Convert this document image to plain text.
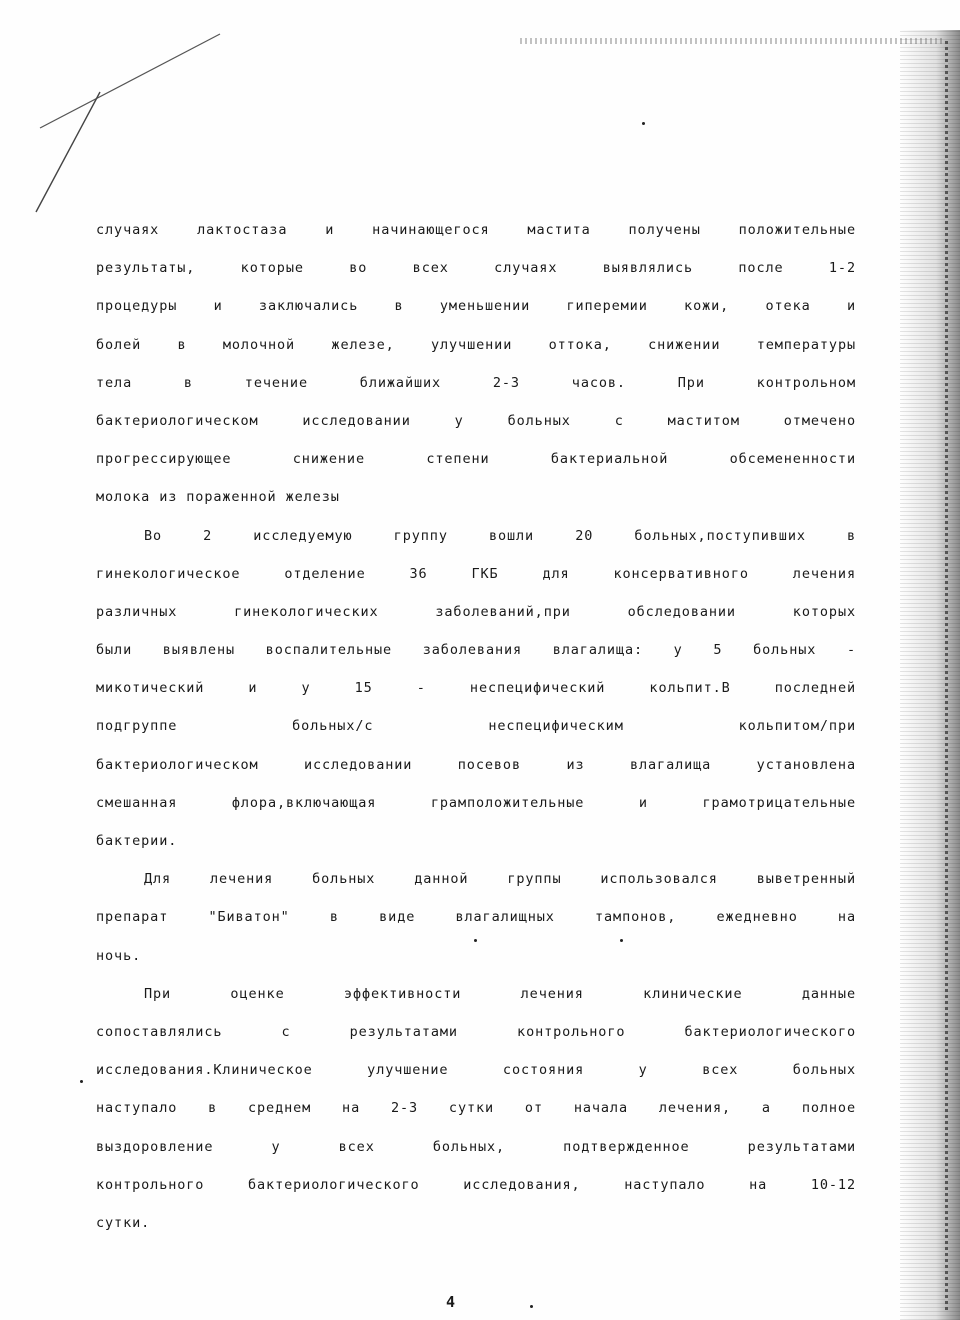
случаях лактостаза и начинающегося мастита получены положительные
результаты, которые во всех случаях выявлялись после 1-2
процедуры и заключались в уменьшении гиперемии кожи, отека и
болей в молочной железе, улучшении оттока, снижении температуры
тела в течение ближайших 2-3 часов. При контрольном
бактериологическом исследовании у больных с маститом отмечено
прогрессирующее снижение степени бактериальной обсемененности
молока из пораженной железы
Во 2 исследуемую группу вошли 20 больных,поступивших в
гинекологическое отделение 36 ГКБ для консервативного лечения
различных гинекологических заболеваний,при обследовании которых
были выявлены воспалительные заболевания влагалища: у 5 больных -
микотический и у 15 - неспецифический кольпит.В последней
подгруппе больных/с неспецифическим кольпитом/при
бактериологическом исследовании посевов из влагалища установлена
смешанная флора,включающая грамположительные и грамотрицательные
бактерии.
Для лечения больных данной группы использовался вывeтренный
препарат "Биватон" в виде влагалищных тампонов, ежедневно на
ночь.
При оценке эффективности лечения клинические данные
сопоставлялись с результатами контрольного бактериологического
исследования.Клиническое улучшение состояния у всех больных
наступало в среднем на 2-3 сутки от начала лечения, а полное
выздоровление у всех больных, подтвержденное результатами
контрольного бактериологического исследования, наступало на 10-12
сутки.
4
